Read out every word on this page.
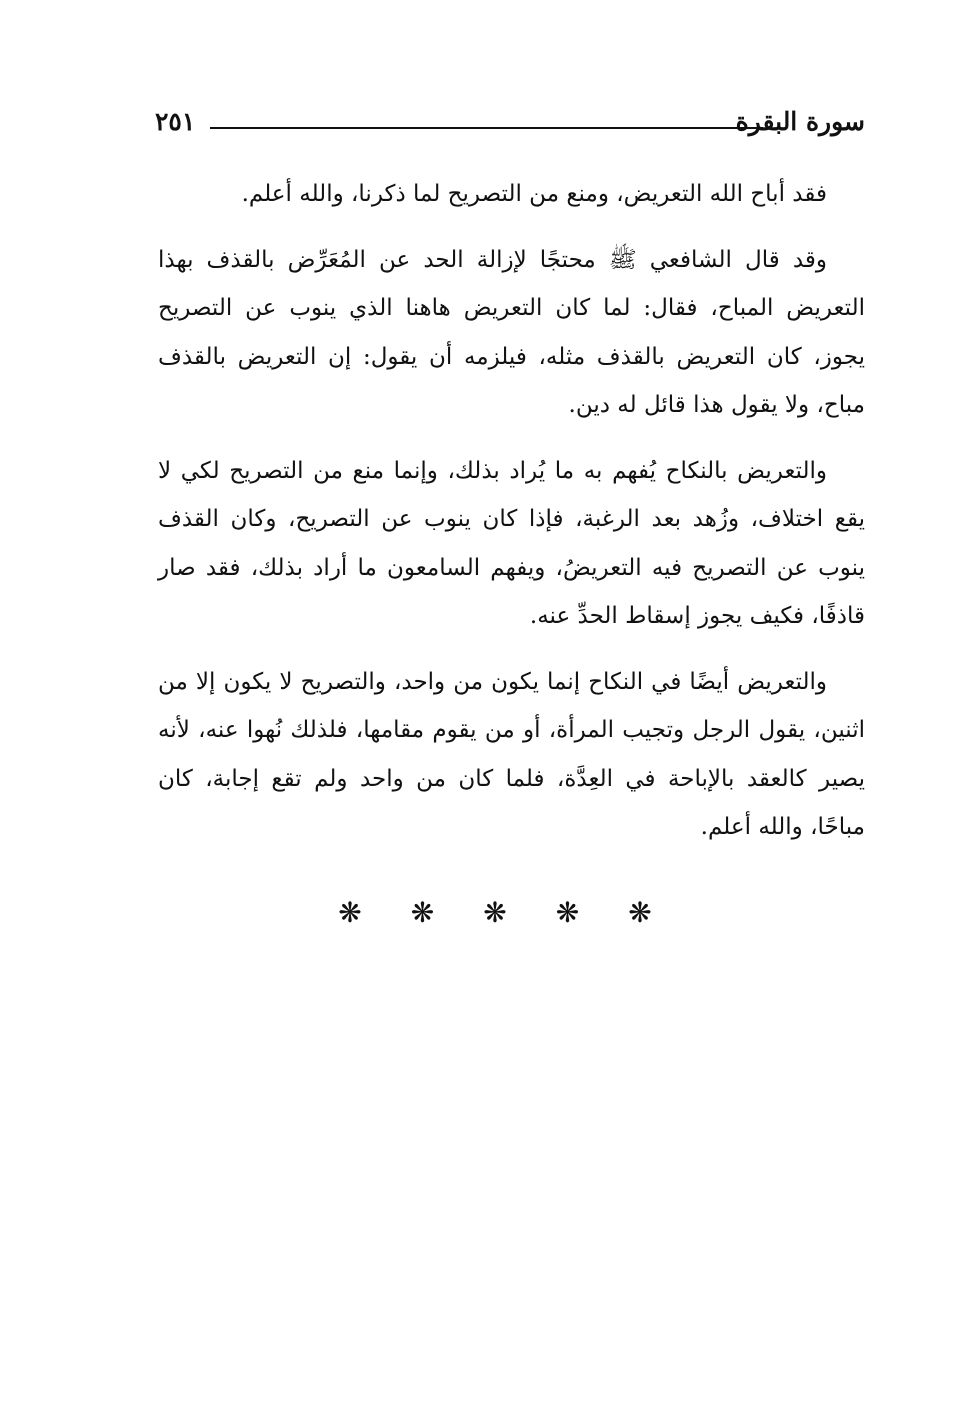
سورة البقرة
٢٥١

فقد أباح الله التعريض، ومنع من التصريح لما ذكرنا، والله أعلم.

وقد قال الشافعي ﷺ محتجًا لإزالة الحد عن المُعَرِّض بالقذف بهذا التعريض المباح، فقال: لما كان التعريض هاهنا الذي ينوب عن التصريح يجوز، كان التعريض بالقذف مثله، فيلزمه أن يقول: إن التعريض بالقذف مباح، ولا يقول هذا قائل له دين.

والتعريض بالنكاح يُفهم به ما يُراد بذلك، وإنما منع من التصريح لكي لا يقع اختلاف، وزُهد بعد الرغبة، فإذا كان ينوب عن التصريح، وكان القذف ينوب عن التصريح فيه التعريضُ، ويفهم السامعون ما أراد بذلك، فقد صار قاذفًا، فكيف يجوز إسقاط الحدِّ عنه.

والتعريض أيضًا في النكاح إنما يكون من واحد، والتصريح لا يكون إلا من اثنين، يقول الرجل وتجيب المرأة، أو من يقوم مقامها، فلذلك نُهوا عنه، لأنه يصير كالعقد بالإباحة في العِدَّة، فلما كان من واحد ولم تقع إجابة، كان مباحًا، والله أعلم.

❋ ❋ ❋ ❋ ❋
